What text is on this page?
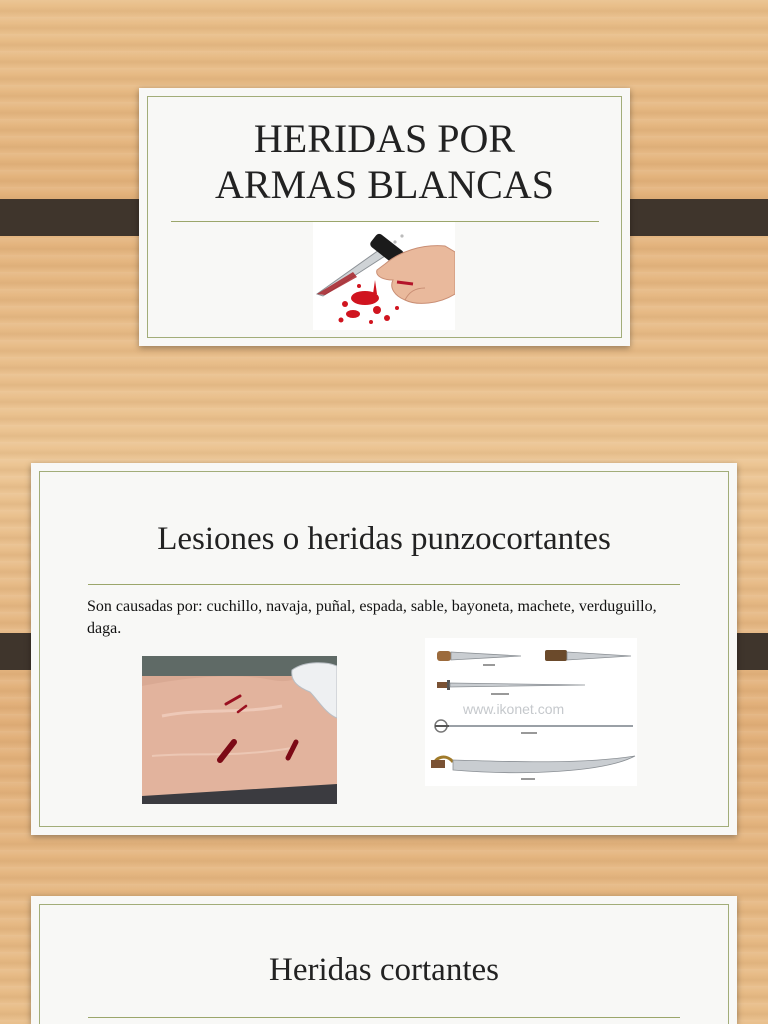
HERIDAS POR
ARMAS BLANCAS
Lesiones o heridas punzocortantes
Son causadas por: cuchillo, navaja, puñal, espada, sable, bayoneta, machete, verduguillo, daga.
www.ikonet.com
Heridas cortantes
